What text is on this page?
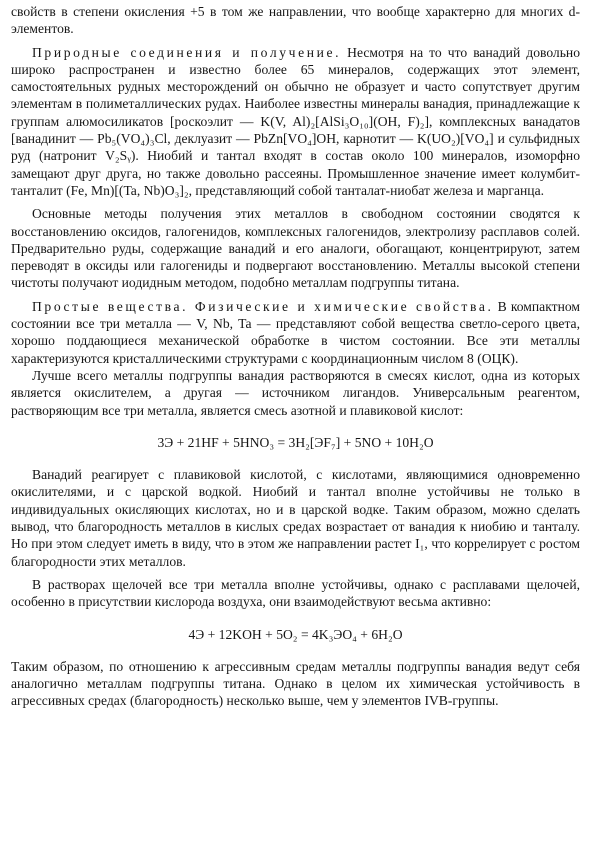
свойств в степени окисления +5 в том же направлении, что вообще характерно для многих d-элементов.

Природные соединения и получение. Несмотря на то что ванадий довольно широко распространен и известно более 65 минералов, содержащих этот элемент, самостоятельных рудных месторождений он обычно не образует и часто сопутствует другим элементам в полиметаллических рудах. Наиболее известны минералы ванадия, принадлежащие к группам алюмосиликатов [роскоэлит — K(V, Al)₂[AlSi₃O₁₀](OH, F)₂], комплексных ванадатов [ванадинит — Pb₅(VO₄)₃Cl, деклуазит — PbZn[VO₄]OH, карнотит — K(UO₂)[VO₄] и сульфидных руд (натронит V₂Sᵧ). Ниобий и тантал входят в состав около 100 минералов, изоморфно замещают друг друга, но также довольно рассеяны. Промышленное значение имеет колумбит-танталит (Fe, Mn)[(Ta, Nb)O₃]₂, представляющий собой танталат-ниобат железа и марганца.

Основные методы получения этих металлов в свободном состоянии сводятся к восстановлению оксидов, галогенидов, комплексных галогенидов, электролизу расплавов солей. Предварительно руды, содержащие ванадий и его аналоги, обогащают, концентрируют, затем переводят в оксиды или галогениды и подвергают восстановлению. Металлы высокой степени чистоты получают иодидным методом, подобно металлам подгруппы титана.

Простые вещества. Физические и химические свойства. В компактном состоянии все три металла — V, Nb, Ta — представляют собой вещества светло-серого цвета, хорошо поддающиеся механической обработке в чистом состоянии. Все эти металлы характеризуются кристаллическими структурами с координационным числом 8 (ОЦК).

Лучше всего металлы подгруппы ванадия растворяются в смесях кислот, одна из которых является окислителем, а другая — источником лигандов. Универсальным реагентом, растворяющим все три металла, является смесь азотной и плавиковой кислот:

3Э + 21HF + 5HNO₃ = 3H₂[ЭF₇] + 5NO + 10H₂O

Ванадий реагирует с плавиковой кислотой, с кислотами, являющимися одновременно окислителями, и с царской водкой. Ниобий и тантал вполне устойчивы не только в индивидуальных окисляющих кислотах, но и в царской водке. Таким образом, можно сделать вывод, что благородность металлов в кислых средах возрастает от ванадия к ниобию и танталу. Но при этом следует иметь в виду, что в этом же направлении растет I₁, что коррелирует с ростом благородности этих металлов.

В растворах щелочей все три металла вполне устойчивы, однако с расплавами щелочей, особенно в присутствии кислорода воздуха, они взаимодействуют весьма активно:

4Э + 12KOH + 5O₂ = 4K₃ЭO₄ + 6H₂O

Таким образом, по отношению к агрессивным средам металлы подгруппы ванадия ведут себя аналогично металлам подгруппы титана. Однако в целом их химическая устойчивость в агрессивных средах (благородность) несколько выше, чем у элементов IVB-группы.
